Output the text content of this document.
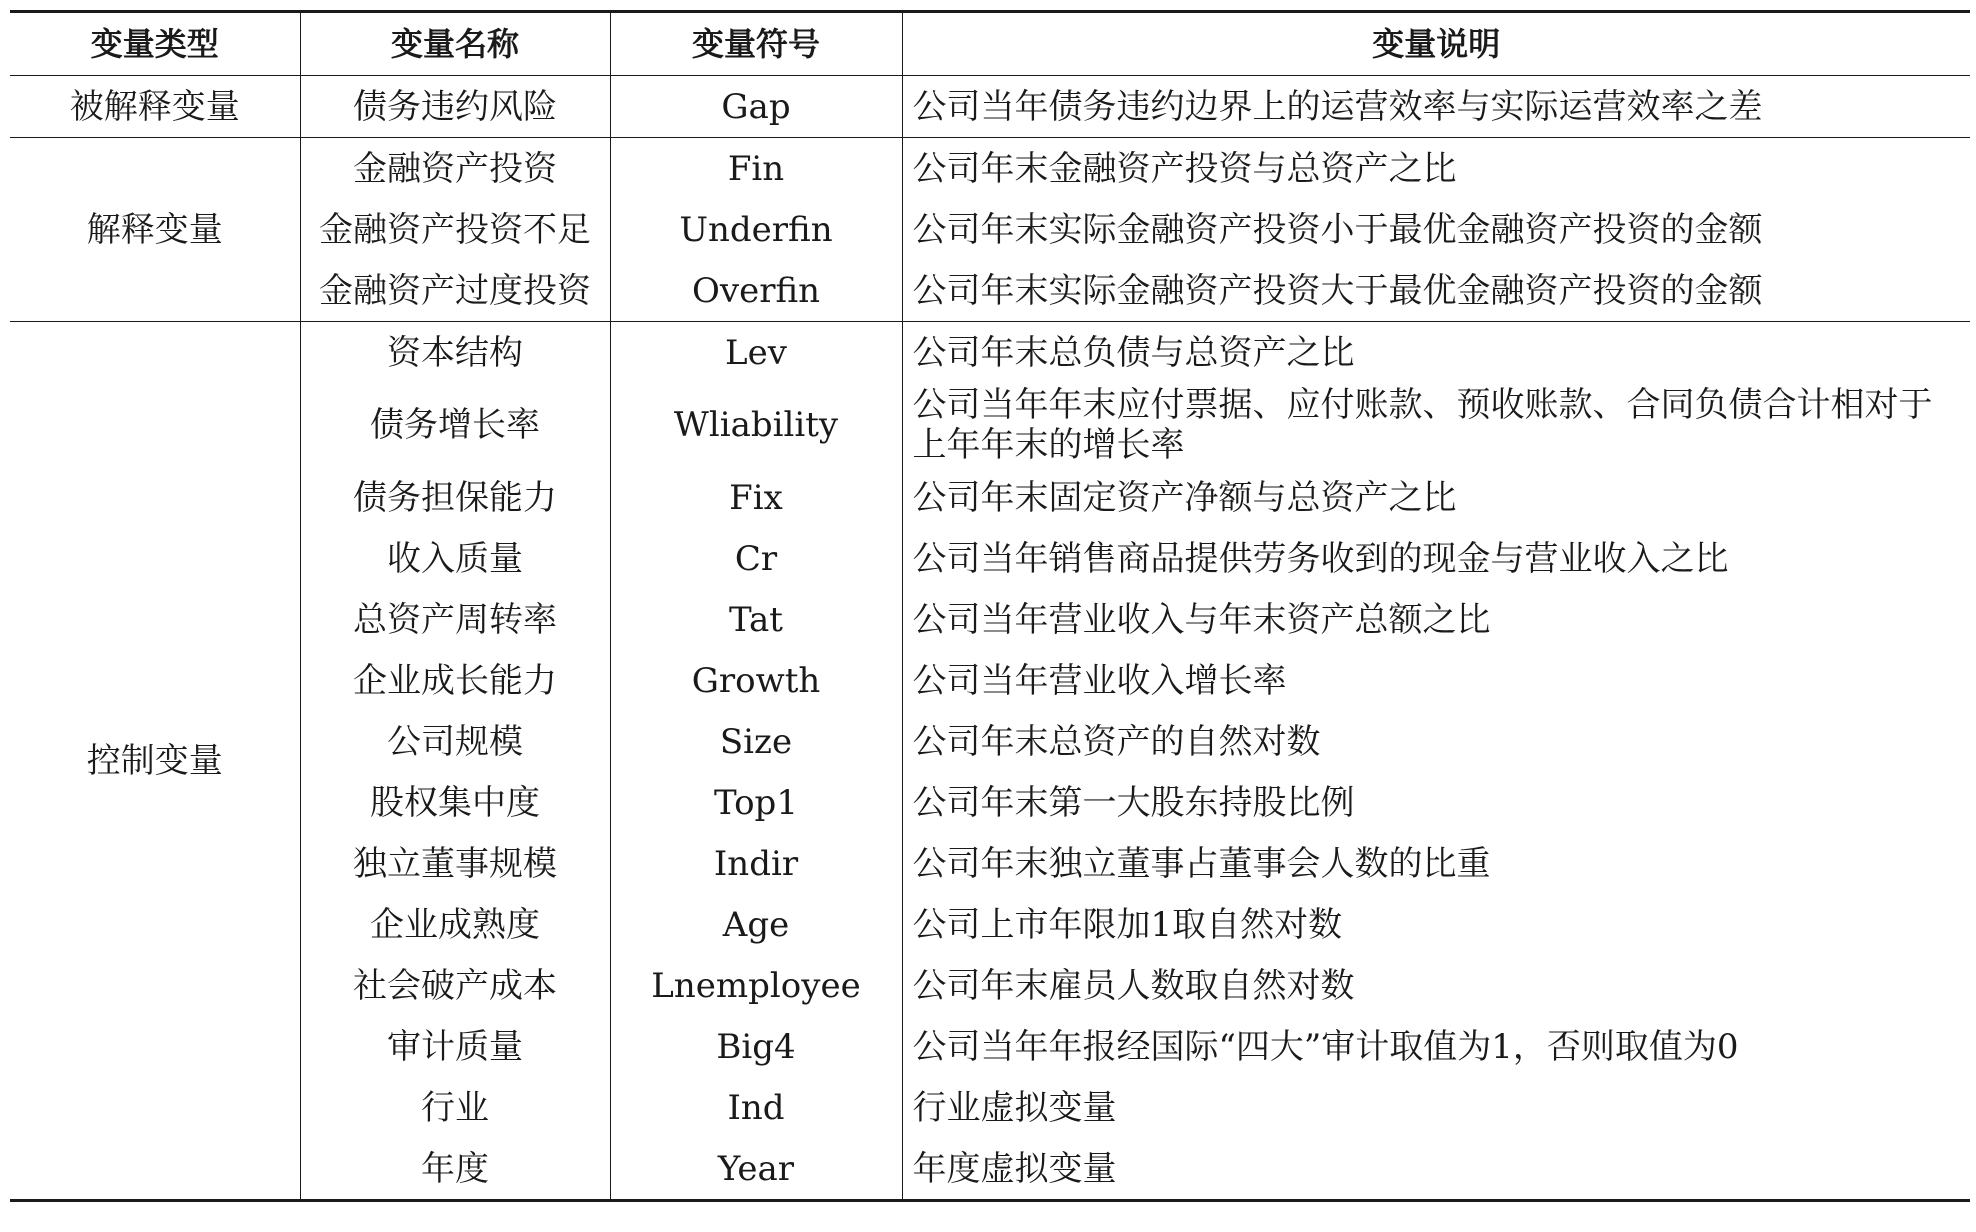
变量类型	变量名称	变量符号	变量说明
被解释变量	债务违约风险	Gap	公司当年债务违约边界上的运营效率与实际运营效率之差
解释变量	金融资产投资	Fin	公司年末金融资产投资与总资产之比
	金融资产投资不足	Underfin	公司年末实际金融资产投资小于最优金融资产投资的金额
	金融资产过度投资	Overfin	公司年末实际金融资产投资大于最优金融资产投资的金额
控制变量	资本结构	Lev	公司年末总负债与总资产之比
	债务增长率	Wliability	公司当年年末应付票据、应付账款、预收账款、合同负债合计相对于
上年年末的增长率
	债务担保能力	Fix	公司年末固定资产净额与总资产之比
	收入质量	Cr	公司当年销售商品提供劳务收到的现金与营业收入之比
	总资产周转率	Tat	公司当年营业收入与年末资产总额之比
	企业成长能力	Growth	公司当年营业收入增长率
	公司规模	Size	公司年末总资产的自然对数
	股权集中度	Top1	公司年末第一大股东持股比例
	独立董事规模	Indir	公司年末独立董事占董事会人数的比重
	企业成熟度	Age	公司上市年限加1取自然对数
	社会破产成本	Lnemployee	公司年末雇员人数取自然对数
	审计质量	Big4	公司当年年报经国际“四大”审计取值为1，否则取值为0
	行业	Ind	行业虚拟变量
	年度	Year	年度虚拟变量
